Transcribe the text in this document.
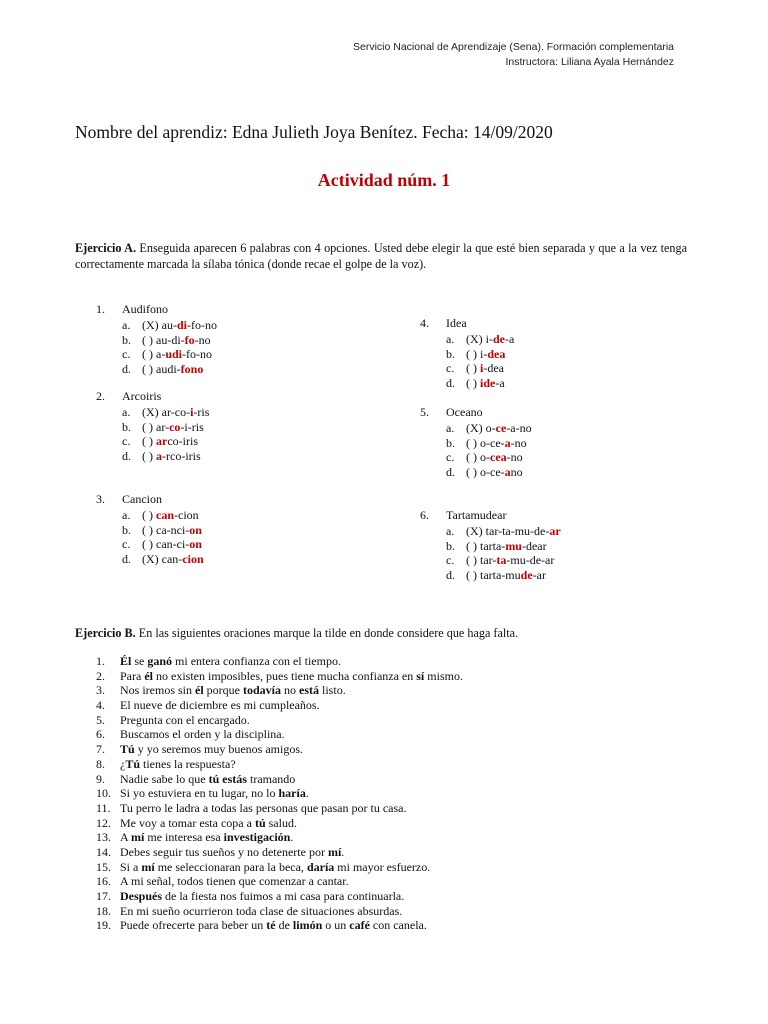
Servicio Nacional de Aprendizaje (Sena). Formación complementaria
Instructora: Liliana Ayala Hernández
Nombre del aprendiz: Edna Julieth Joya Benítez. Fecha: 14/09/2020
Actividad núm. 1
Ejercicio A. Enseguida aparecen 6 palabras con 4 opciones. Usted debe elegir la que esté bien separada y que a la vez tenga correctamente marcada la sílaba tónica (donde recae el golpe de la voz).
1.	Audifono
a. (X) au-di-fo-no
b. ( ) au-di-fo-no
c. ( ) a-udi-fo-no
d. ( ) audi-fono
2.	Arcoiris
a. (X) ar-co-i-ris
b. ( ) ar-co-i-ris
c. ( ) arco-iris
d. ( ) a-rco-iris
3.	Cancion
a. ( ) can-cion
b. ( ) ca-nci-on
c. ( ) can-ci-on
d. (X) can-cion
4.	Idea
a. (X) i-de-a
b. ( ) i-dea
c. ( ) i-dea
d. ( ) ide-a
5.	Oceano
a. (X) o-ce-a-no
b. ( ) o-ce-a-no
c. ( ) o-cea-no
d. ( ) o-ce-ano
6.	Tartamudear
a. (X) tar-ta-mu-de-ar
b. ( ) tarta-mu-dear
c. ( ) tar-ta-mu-de-ar
d. ( ) tarta-mude-ar
Ejercicio B. En las siguientes oraciones marque la tilde en donde considere que haga falta.
1.	Él se ganó mi entera confianza con el tiempo.
2.	Para él no existen imposibles, pues tiene mucha confianza en sí mismo.
3.	Nos iremos sin él porque todavía no está listo.
4.	El nueve de diciembre es mi cumpleaños.
5.	Pregunta con el encargado.
6.	Buscamos el orden y la disciplina.
7.	Tú y yo seremos muy buenos amigos.
8.	¿Tú tienes la respuesta?
9.	Nadie sabe lo que tú estás tramando
10. Si yo estuviera en tu lugar, no lo haría.
11. Tu perro le ladra a todas las personas que pasan por tu casa.
12. Me voy a tomar esta copa a tú salud.
13. A mí me interesa esa investigación.
14. Debes seguir tus sueños y no detenerte por mí.
15. Si a mí me seleccionaran para la beca, daría mi mayor esfuerzo.
16. A mi señal, todos tienen que comenzar a cantar.
17. Después de la fiesta nos fuimos a mi casa para continuarla.
18. En mi sueño ocurrieron toda clase de situaciones absurdas.
19. Puede ofrecerte para beber un té de limón o un café con canela.
